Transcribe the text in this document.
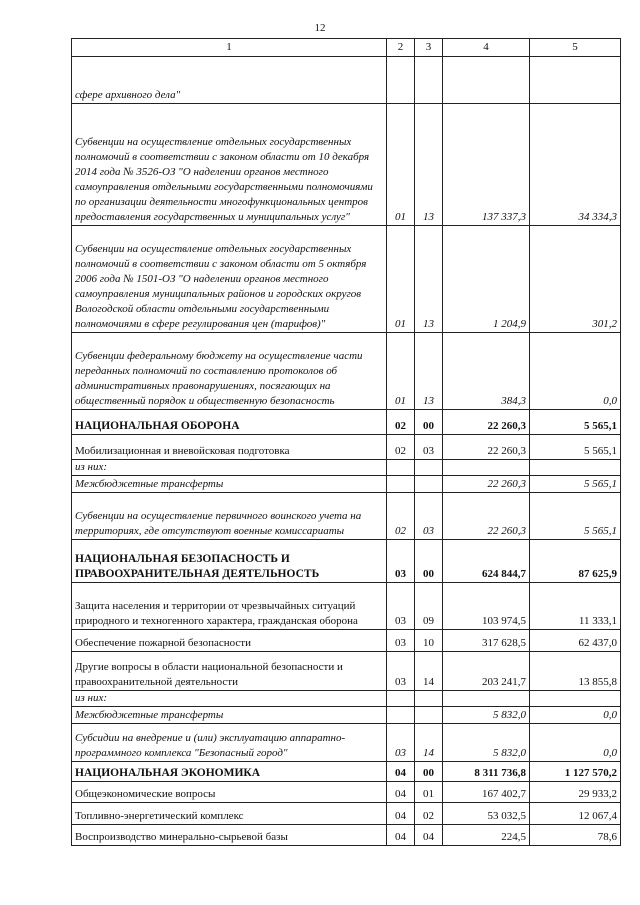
12
1	2	3	4	5
сфере архивного дела"				
Субвенции на осуществление отдельных государственных полномочий в соответствии с законом области от 10 декабря 2014 года № 3526-ОЗ "О наделении органов местного самоуправления отдельными государственными полномочиями по организации деятельности многофункциональных центров предоставления государственных и муниципальных услуг"	01	13	137 337,3	34 334,3
Субвенции на осуществление отдельных государственных полномочий в соответствии с законом области от 5 октября 2006 года № 1501-ОЗ "О наделении органов местного самоуправления муниципальных районов и городских округов Вологодской области отдельными государственными полномочиями в сфере регулирования цен (тарифов)"	01	13	1 204,9	301,2
Субвенции федеральному бюджету на осуществление части переданных полномочий по составлению протоколов об административных правонарушениях, посягающих на общественный порядок и общественную безопасность	01	13	384,3	0,0
НАЦИОНАЛЬНАЯ ОБОРОНА	02	00	22 260,3	5 565,1
Мобилизационная и вневойсковая подготовка	02	03	22 260,3	5 565,1
из них:				
Межбюджетные трансферты			22 260,3	5 565,1
Субвенции на осуществление первичного воинского учета на территориях, где отсутствуют военные комиссариаты	02	03	22 260,3	5 565,1
НАЦИОНАЛЬНАЯ БЕЗОПАСНОСТЬ И ПРАВООХРАНИТЕЛЬНАЯ ДЕЯТЕЛЬНОСТЬ	03	00	624 844,7	87 625,9
Защита населения и территории от чрезвычайных ситуаций природного и техногенного характера, гражданская оборона	03	09	103 974,5	11 333,1
Обеспечение пожарной безопасности	03	10	317 628,5	62 437,0
Другие вопросы в области национальной безопасности и правоохранительной деятельности	03	14	203 241,7	13 855,8
из них:				
Межбюджетные трансферты			5 832,0	0,0
Субсидии на внедрение и (или) эксплуатацию аппаратно-программного комплекса "Безопасный город"	03	14	5 832,0	0,0
НАЦИОНАЛЬНАЯ ЭКОНОМИКА	04	00	8 311 736,8	1 127 570,2
Общеэкономические вопросы	04	01	167 402,7	29 933,2
Топливно-энергетический комплекс	04	02	53 032,5	12 067,4
Воспроизводство минерально-сырьевой базы	04	04	224,5	78,6
